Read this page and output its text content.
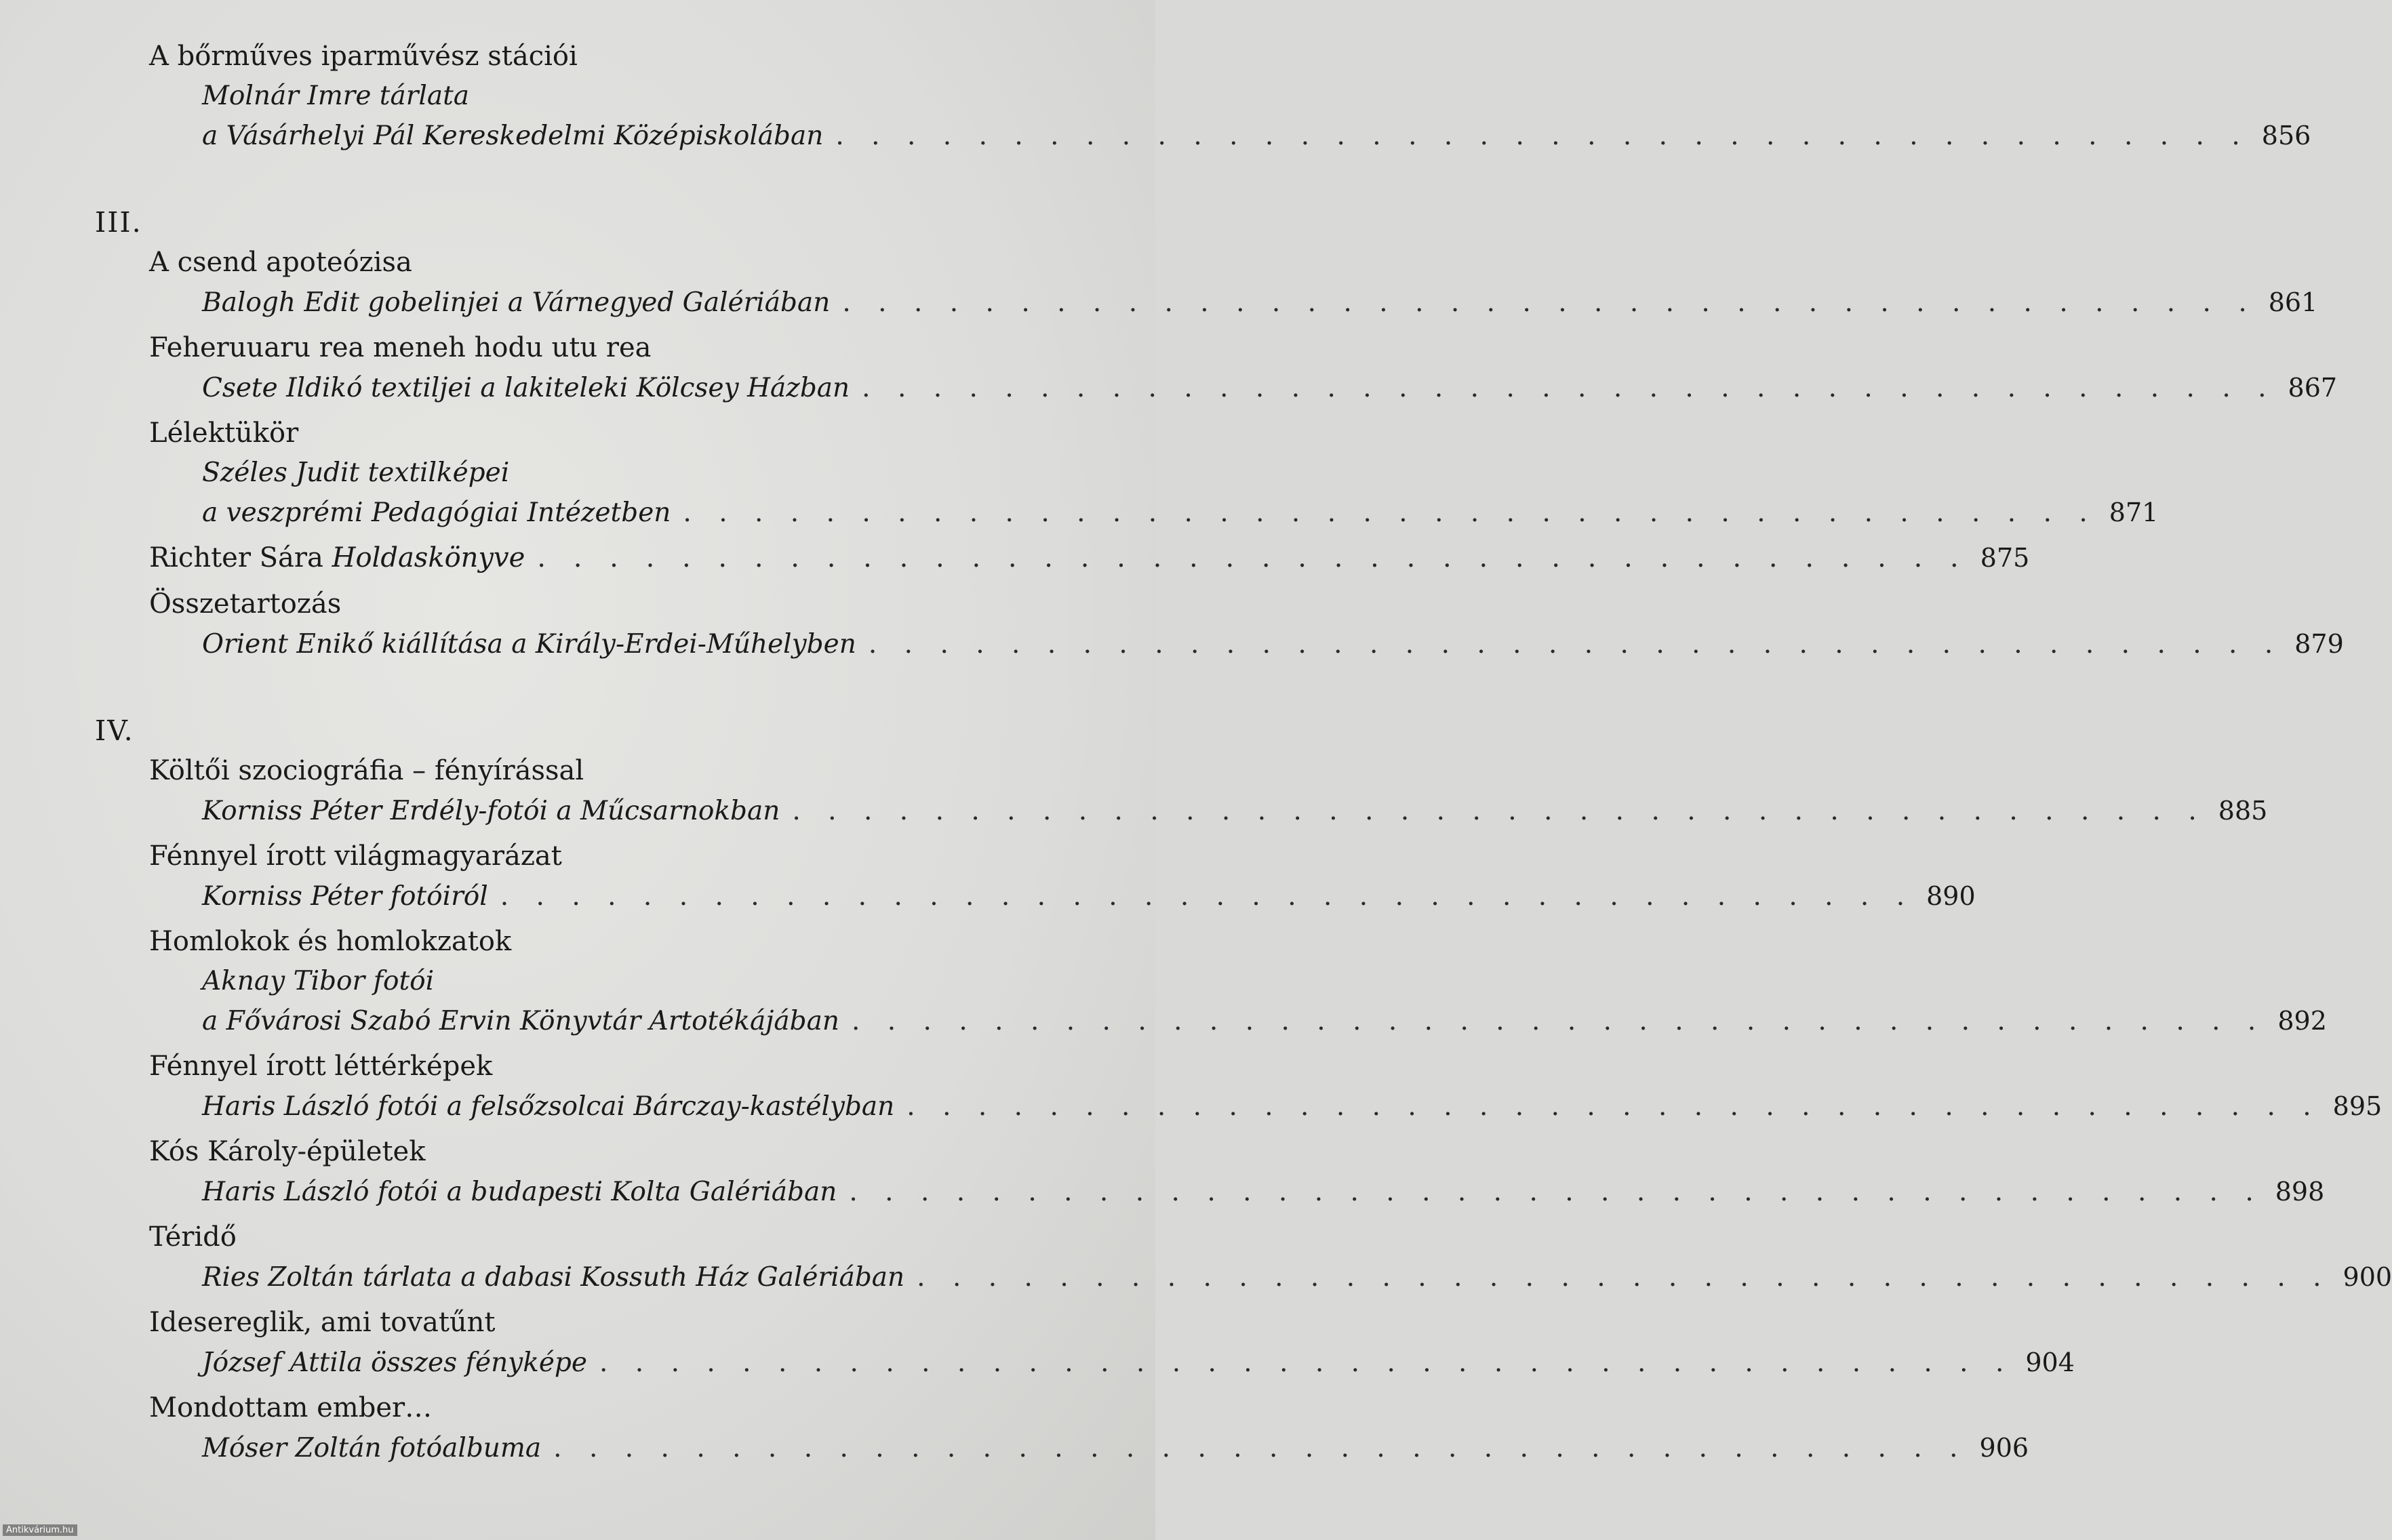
A bőrműves iparművész stációi
Molnár Imre tárlata
a Vásárhelyi Pál Kereskedelmi Középiskolában . . . . . . . . . . . . . . . . . . . . . . . . . . . . . . . . . . . . . . . . 856
III.
A csend apoteózisa
Balogh Edit gobelinjei a Várnegyed Galériában . . . . . . . . . . . . . . . . . . . . . . . . . . . . . . . . . . . . . . . . 861
Feheruuaru rea meneh hodu utu rea
Csete Ildikó textiljei a lakiteleki Kölcsey Házban . . . . . . . . . . . . . . . . . . . . . . . . . . . . . . . . . . . . . . . . 867
Lélektükör
Széles Judit textilképei
a veszprémi Pedagógiai Intézetben . . . . . . . . . . . . . . . . . . . . . . . . . . . . . . . . . . . . . . . . 871
Richter Sára Holdaskönyve . . . . . . . . . . . . . . . . . . . . . . . . . . . . . . . . . . . . . . . . 875
Összetartozás
Orient Enikő kiállítása a Király-Erdei-Műhelyben . . . . . . . . . . . . . . . . . . . . . . . . . . . . . . . . . . . . . . . . 879
IV.
Költői szociográfia – fényírással
Korniss Péter Erdély-fotói a Műcsarnokban . . . . . . . . . . . . . . . . . . . . . . . . . . . . . . . . . . . . . . . . 885
Fénnyel írott világmagyarázat
Korniss Péter fotóiról . . . . . . . . . . . . . . . . . . . . . . . . . . . . . . . . . . . . . . . . 890
Homlokok és homlokzatok
Aknay Tibor fotói
a Fővárosi Szabó Ervin Könyvtár Artotékájában . . . . . . . . . . . . . . . . . . . . . . . . . . . . . . . . . . . . . . . . 892
Fénnyel írott léttérképek
Haris László fotói a felsőzsolcai Bárczay-kastélyban . . . . . . . . . . . . . . . . . . . . . . . . . . . . . . . . . . . . . . . . 895
Kós Károly-épületek
Haris László fotói a budapesti Kolta Galériában . . . . . . . . . . . . . . . . . . . . . . . . . . . . . . . . . . . . . . . . 898
Téridő
Ries Zoltán tárlata a dabasi Kossuth Ház Galériában . . . . . . . . . . . . . . . . . . . . . . . . . . . . . . . . . . . . . . . . 900
Idesereglik, ami tovatűnt
József Attila összes fényképe . . . . . . . . . . . . . . . . . . . . . . . . . . . . . . . . . . . . . . . . 904
Mondottam ember…
Móser Zoltán fotóalbuma . . . . . . . . . . . . . . . . . . . . . . . . . . . . . . . . . . . . . . . . 906
Antikvárium.hu
